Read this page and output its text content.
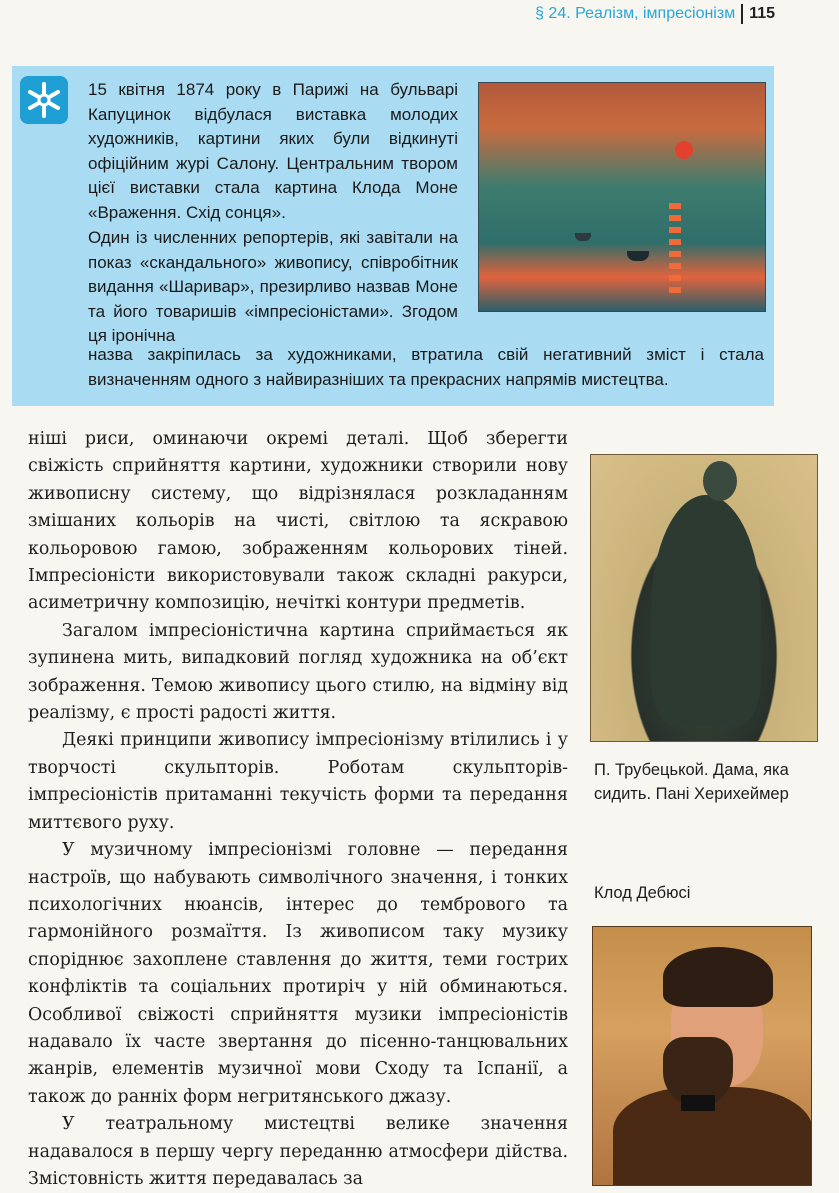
§ 24. Реалізм, імпресіонізм 115

15 квітня 1874 року в Парижі на бульварі Капуцинок відбулася виставка молодих художників, картини яких були відкинуті офіційним журі Салону. Центральним твором цієї виставки стала картина Клода Моне «Враження. Схід сонця».

Один із численних репортерів, які завітали на показ «скандального» живопису, співробітник видання «Шаривар», презирливо назвав Моне та його товаришів «імпресіоністами». Згодом ця іронічна

назва закріпилась за художниками, втратила свій негативний зміст і стала визначенням одного з найвиразніших та прекрасних напрямів мистецтва.

ніші риси, оминаючи окремі деталі. Щоб зберегти свіжість сприйняття картини, художники створили нову живописну систему, що відрізнялася розкладанням змішаних кольорів на чисті, світлою та яскравою кольоровою гамою, зображенням кольорових тіней. Імпресіоністи використовували також складні ракурси, асиметричну композицію, нечіткі контури предметів.

Загалом імпресіоністична картина сприймається як зупинена мить, випадковий погляд художника на об’єкт зображення. Темою живопису цього стилю, на відміну від реалізму, є прості радості життя.

Деякі принципи живопису імпресіонізму втілились і у творчості скульпторів. Роботам скульпторів-імпресіоністів притаманні текучість форми та передання миттєвого руху.

У музичному імпресіонізмі головне — передання настроїв, що набувають символічного значення, і тонких психологічних нюансів, інтерес до тембрового та гармонійного розмаїття. Із живописом таку музику споріднює захоплене ставлення до життя, теми гострих конфліктів та соціальних протиріч у ній обминаються. Особливої свіжості сприйняття музики імпресіоністів надавало їх часте звертання до пісенно-танцювальних жанрів, елементів музичної мови Сходу та Іспанії, а також до ранніх форм негритянського джазу.

У театральному мистецтві велике значення надавалося в першу чергу переданню атмосфери дійства. Змістовність життя передавалась за

П. Трубецькой. Дама, яка сидить. Пані Херихеймер

Клод Дебюсі
